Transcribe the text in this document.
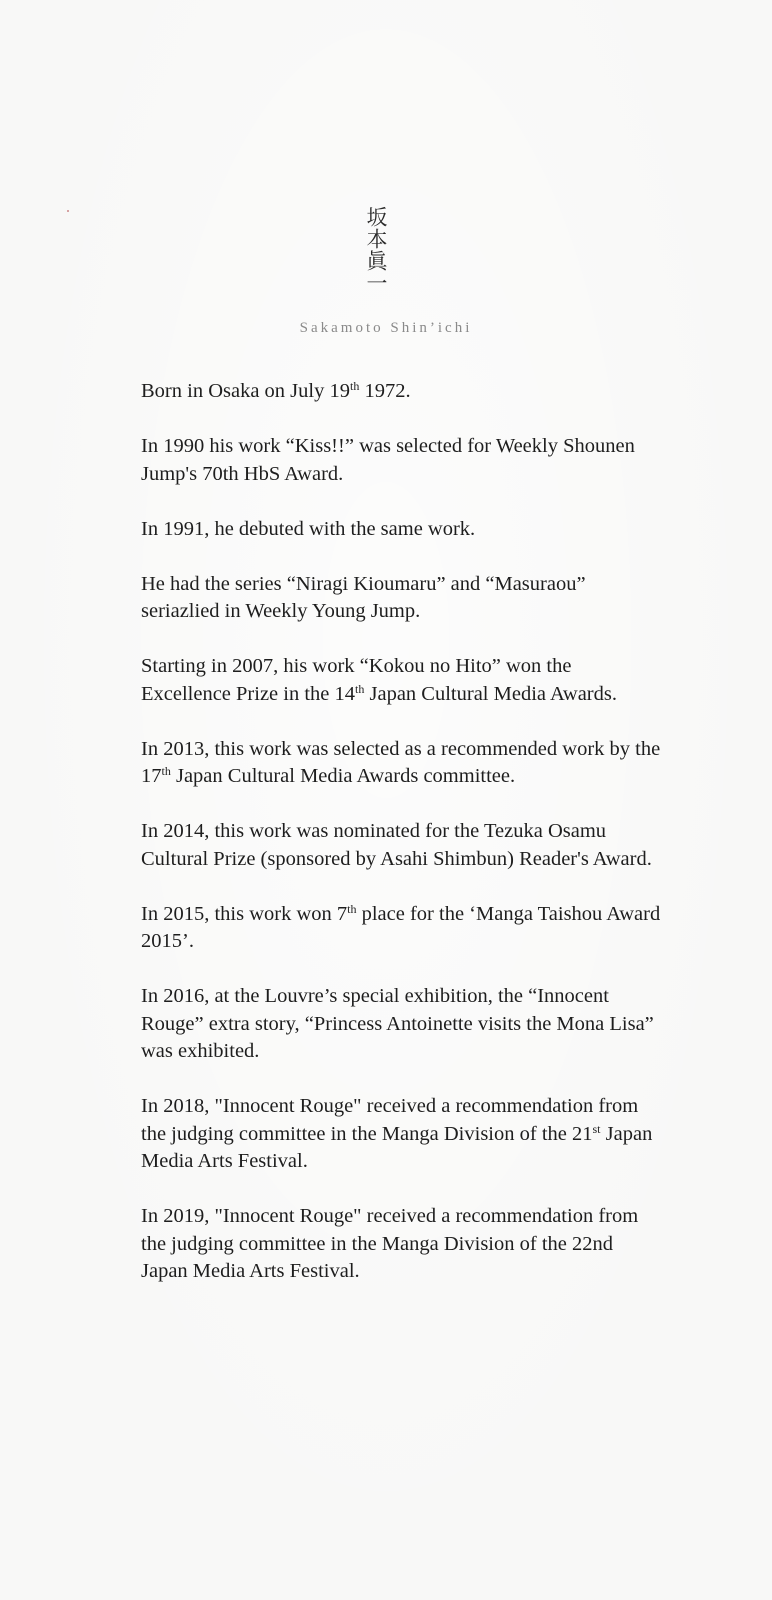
坂本眞一
Sakamoto Shin’ichi

Born in Osaka on July 19th 1972.

In 1990 his work “Kiss!!” was selected for Weekly Shounen Jump's 70th HbS Award.

In 1991, he debuted with the same work.

He had the series “Niragi Kioumaru” and “Masuraou” seriazlied in Weekly Young Jump.

Starting in 2007, his work “Kokou no Hito” won the Excellence Prize in the 14th Japan Cultural Media Awards.

In 2013, this work was selected as a recommended work by the 17th Japan Cultural Media Awards committee.

In 2014, this work was nominated for the Tezuka Osamu Cultural Prize (sponsored by Asahi Shimbun) Reader's Award.

In 2015, this work won 7th place for the ‘Manga Taishou Award 2015’.

In 2016, at the Louvre’s special exhibition, the “Innocent Rouge” extra story, “Princess Antoinette visits the Mona Lisa” was exhibited.

In 2018, "Innocent Rouge" received a recommendation from the judging committee in the Manga Division of the 21st Japan Media Arts Festival.

In 2019, "Innocent Rouge" received a recommendation from the judging committee in the Manga Division of the 22nd Japan Media Arts Festival.
